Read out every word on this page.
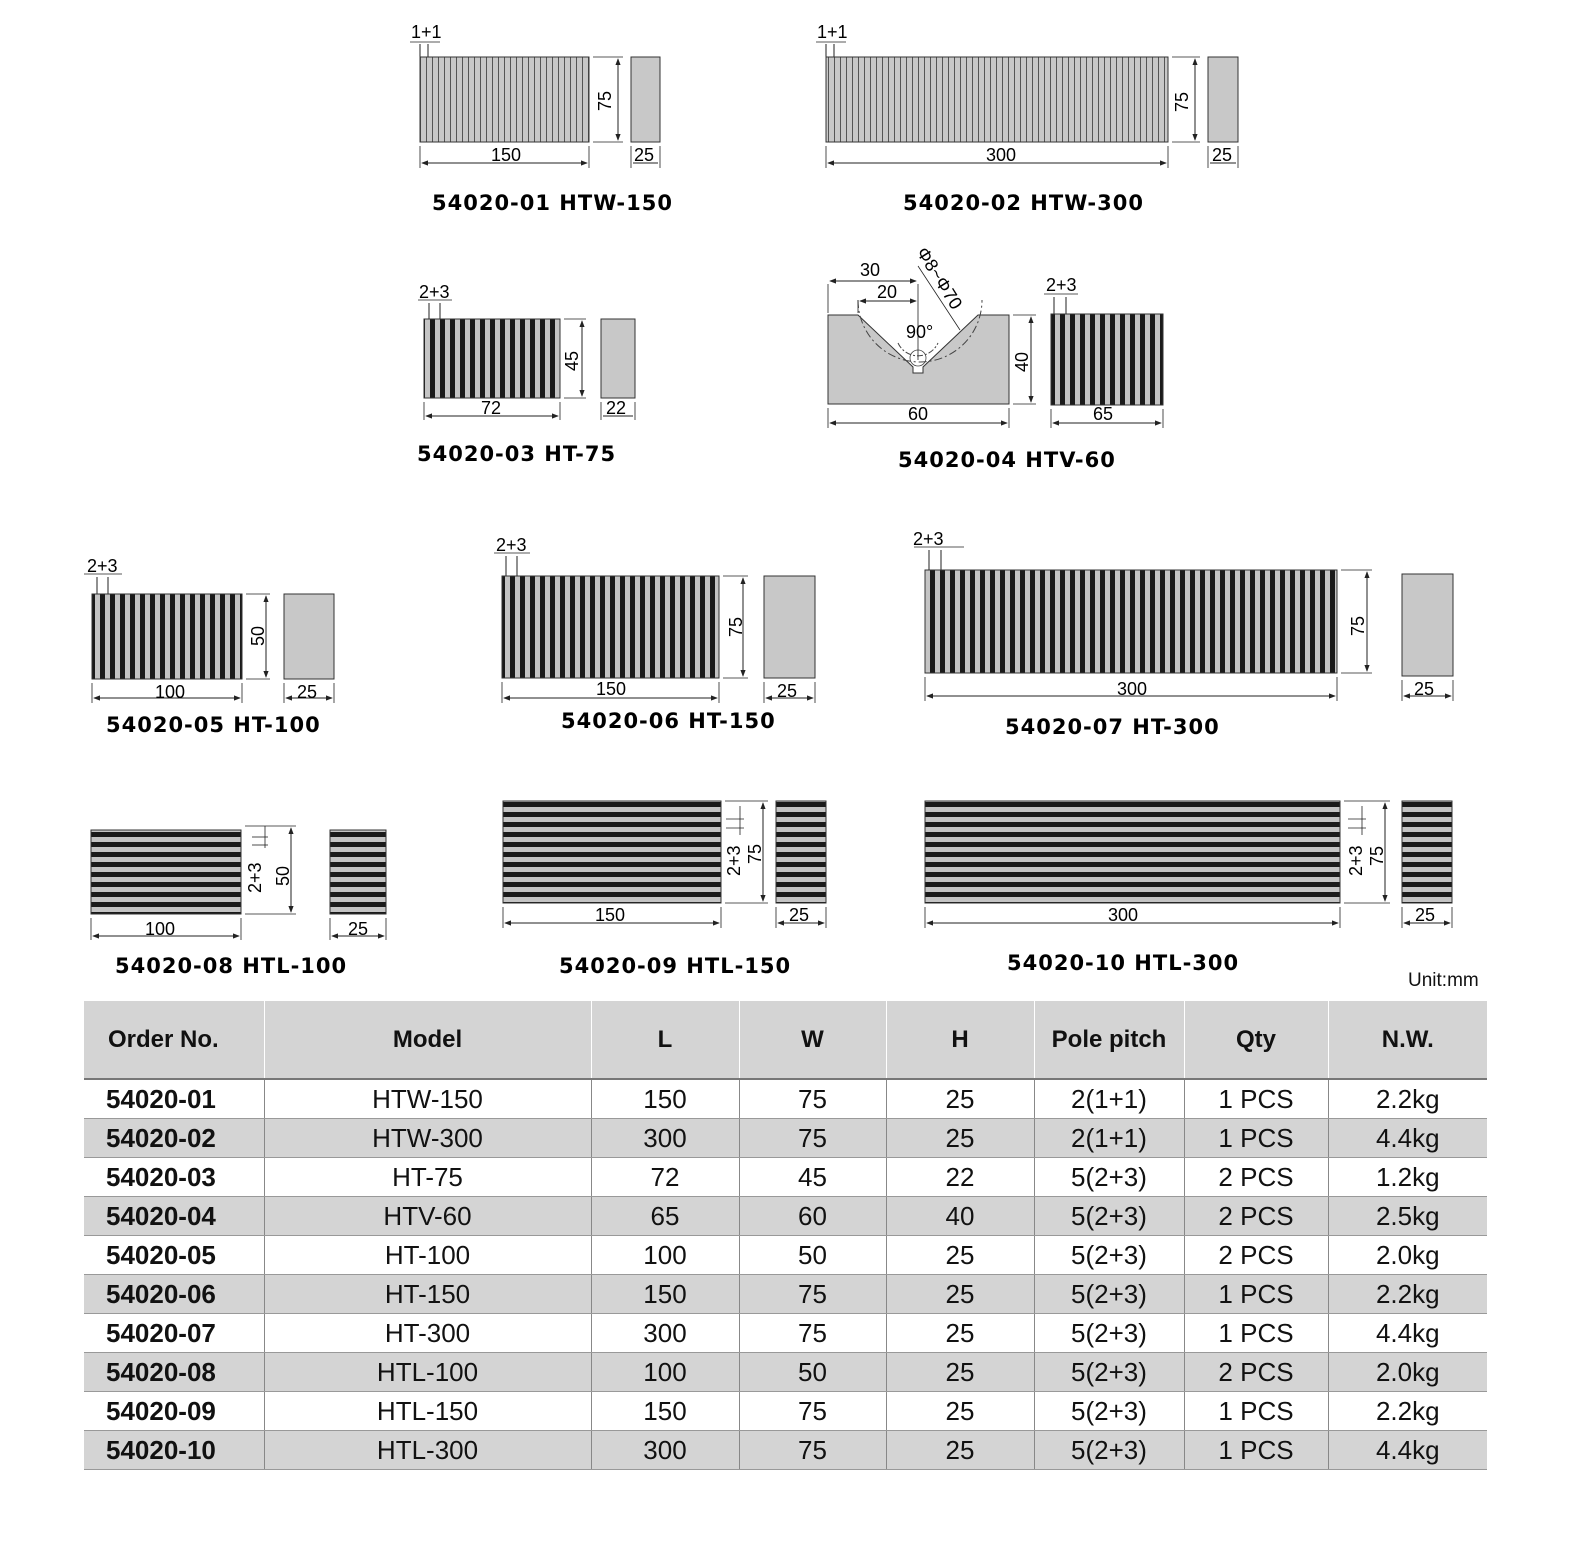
1+1
150
75
25
54020-01 HTW-150
1+1
300
75
25
54020-02 HTW-300
2+3
72
45
22
54020-03 HT-75
30
20 Φ8~Φ70
90°
60
40
2+3
65
54020-04 HTV-60
2+3
100
50
25
54020-05 HT-100
2+3
150
75
25
54020-06 HT-150
2+3
300
75
25
54020-07 HT-300
50
2+3
100	25
54020-08 HTL-100
75
2+3
150	25
54020-09 HTL-150
75
2+3
300	25
54020-10 HTL-300
Unit:mm
Order No.	Model	L	W	H	Pole pitch	Qty	N.W.
54020-01	HTW-150	150	75	25	2(1+1)	1 PCS	2.2kg
54020-02	HTW-300	300	75	25	2(1+1)	1 PCS	4.4kg
54020-03	HT-75	72	45	22	5(2+3)	2 PCS	1.2kg
54020-04	HTV-60	65	60	40	5(2+3)	2 PCS	2.5kg
54020-05	HT-100	100	50	25	5(2+3)	2 PCS	2.0kg
54020-06	HT-150	150	75	25	5(2+3)	1 PCS	2.2kg
54020-07	HT-300	300	75	25	5(2+3)	1 PCS	4.4kg
54020-08	HTL-100	100	50	25	5(2+3)	2 PCS	2.0kg
54020-09	HTL-150	150	75	25	5(2+3)	1 PCS	2.2kg
54020-10	HTL-300	300	75	25	5(2+3)	1 PCS	4.4kg
